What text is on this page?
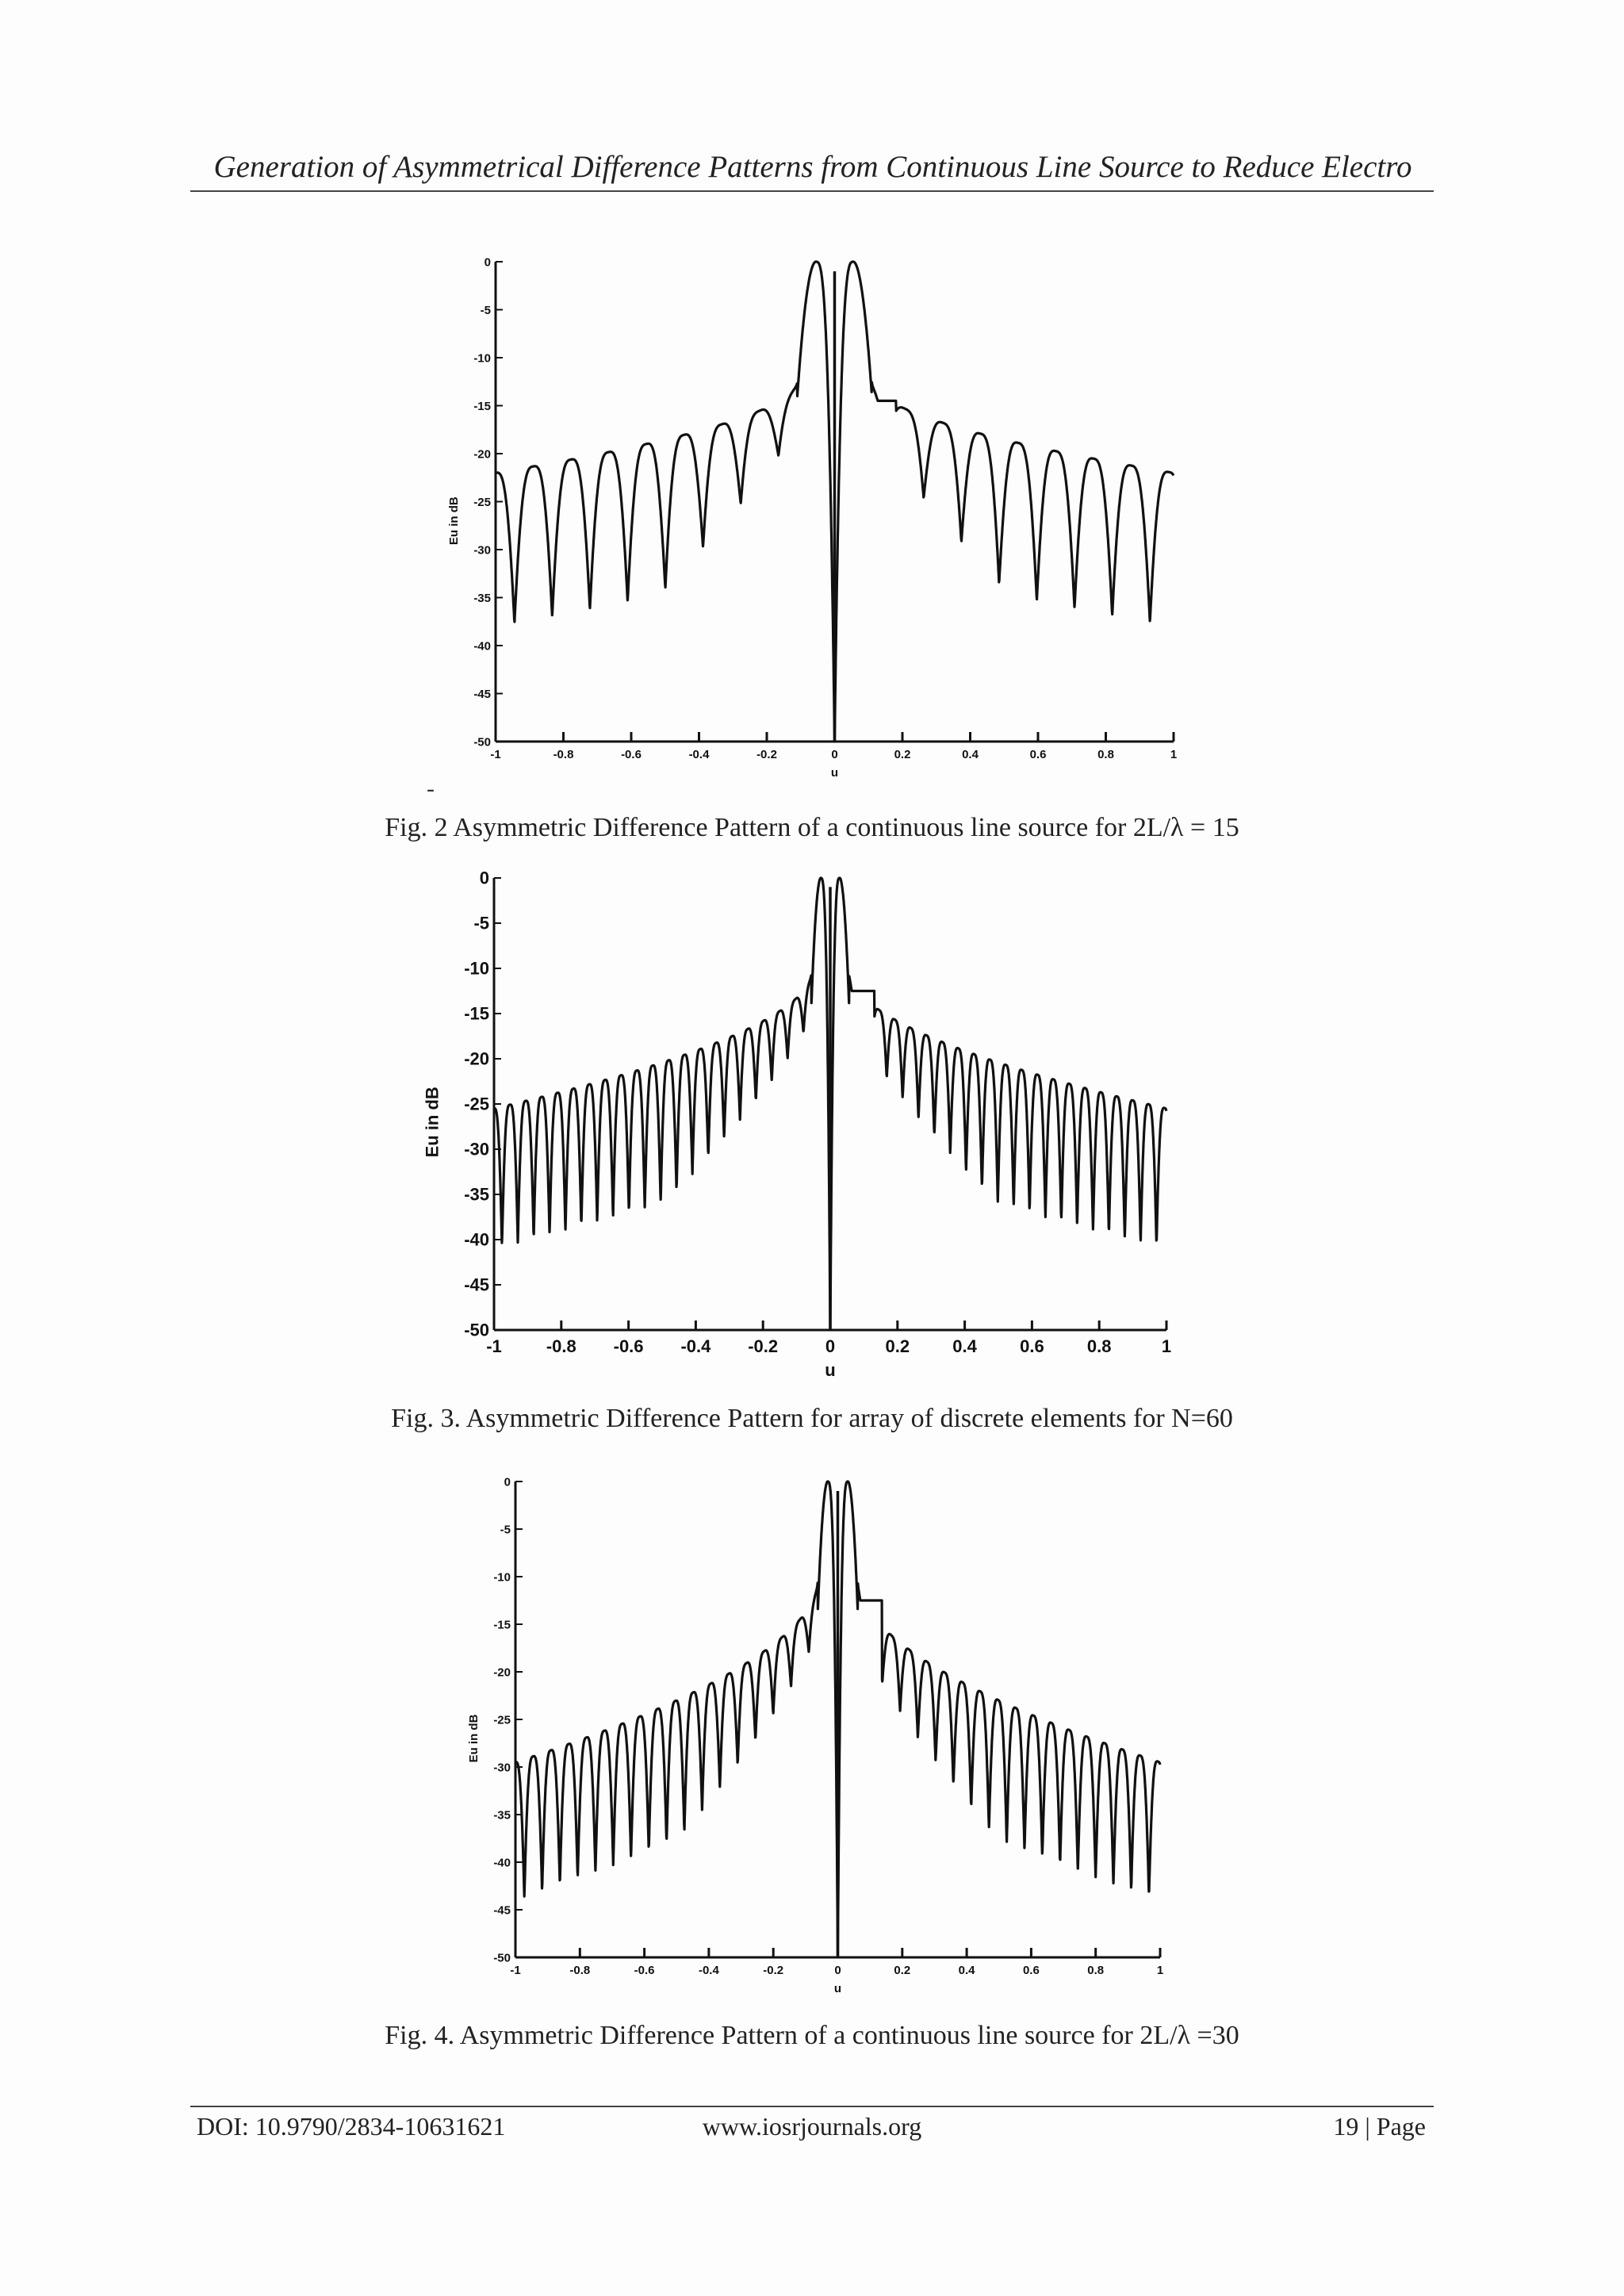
Generation of Asymmetrical Difference Patterns from Continuous Line Source to Reduce Electro
0
-5
-10
-15
-20
-25
-30
-35
-40
-45
-50
-1	-0.8	-0.6	-0.4	-0.2	0	0.2	0.4	0.6	0.8	1
u
Eu in dB
-
Fig. 2 Asymmetric Difference Pattern of a continuous line source for 2L/λ = 15
0
-5
-10
-15
-20
-25
-30
-35
-40
-45
-50
-1	-0.8 -0.6 -0.4 -0.2	0	0.2 0.4 0.6 0.8	1
u
Eu in dB
Fig. 3. Asymmetric Difference Pattern for array of discrete elements for N=60
0
-5
-10
-15
-20
-25
-30
-35
-40
-45
-50
-1	-0.8	-0.6	-0.4	-0.2	0	0.2	0.4	0.6	0.8	1
u
Eu in dB
Fig. 4. Asymmetric Difference Pattern of a continuous line source for 2L/λ =30
DOI: 10.9790/2834-10631621	www.iosrjournals.org	19 | Page
